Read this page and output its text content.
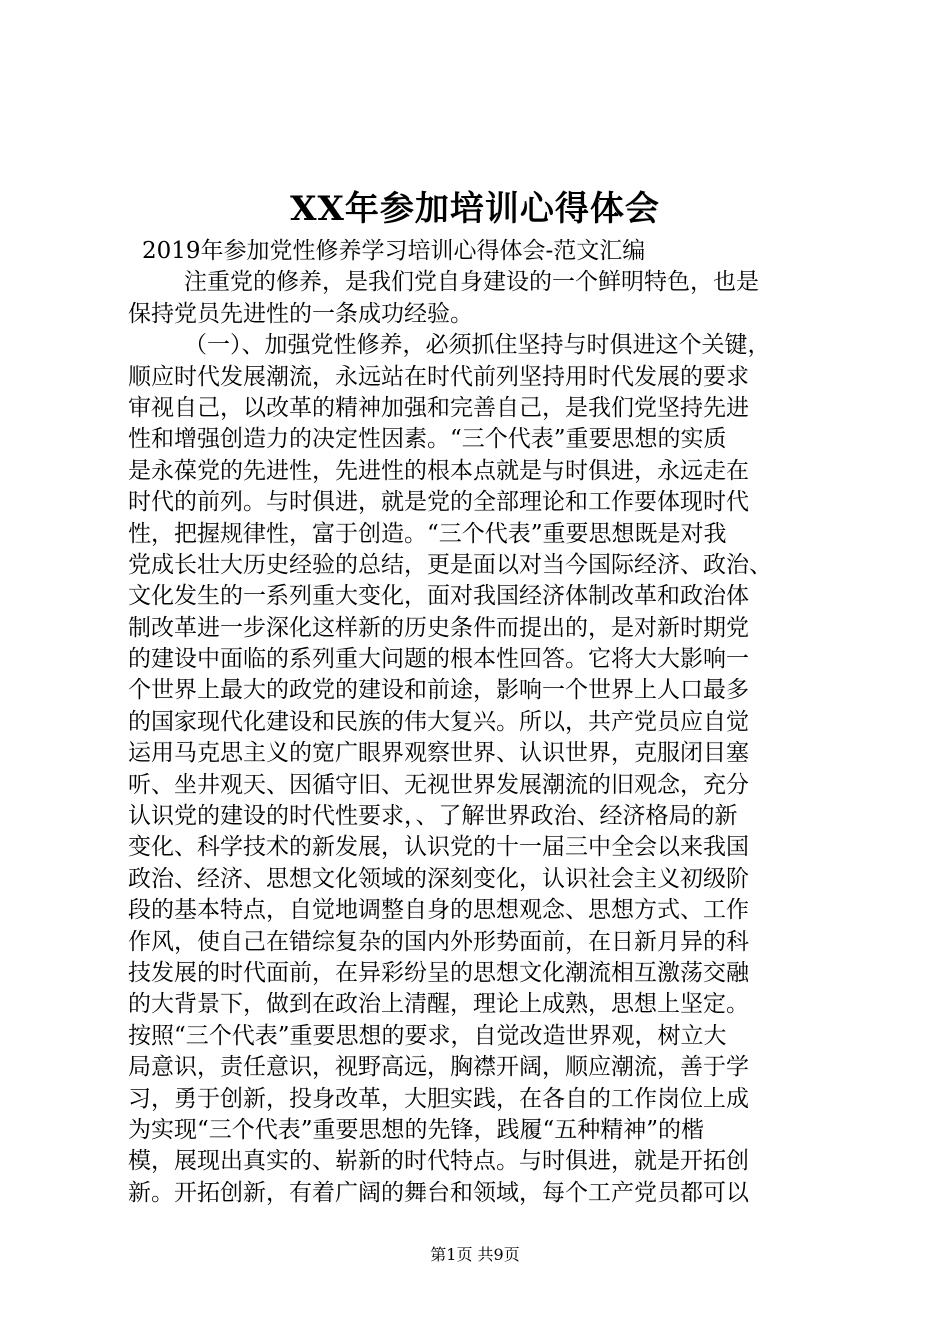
XX年参加培训心得体会
2019年参加党性修养学习培训心得体会-范文汇编
注重党的修养，是我们党自身建设的一个鲜明特色，也是
保持党员先进性的一条成功经验。
（一）、加强党性修养，必须抓住坚持与时俱进这个关键，
顺应时代发展潮流，永远站在时代前列坚持用时代发展的要求
审视自己，以改革的精神加强和完善自己，是我们党坚持先进
性和增强创造力的决定性因素。“三个代表”重要思想的实质
是永葆党的先进性，先进性的根本点就是与时俱进，永远走在
时代的前列。与时俱进，就是党的全部理论和工作要体现时代
性，把握规律性，富于创造。“三个代表”重要思想既是对我
党成长壮大历史经验的总结，更是面以对当今国际经济、政治、
文化发生的一系列重大变化，面对我国经济体制改革和政治体
制改革进一步深化这样新的历史条件而提出的，是对新时期党
的建设中面临的系列重大问题的根本性回答。它将大大影响一
个世界上最大的政党的建设和前途，影响一个世界上人口最多
的国家现代化建设和民族的伟大复兴。所以，共产党员应自觉
运用马克思主义的宽广眼界观察世界、认识世界，克服闭目塞
听、坐井观天、因循守旧、无视世界发展潮流的旧观念，充分
认识党的建设的时代性要求，、了解世界政治、经济格局的新
变化、科学技术的新发展，认识党的十一届三中全会以来我国
政治、经济、思想文化领域的深刻变化，认识社会主义初级阶
段的基本特点，自觉地调整自身的思想观念、思想方式、工作
作风，使自己在错综复杂的国内外形势面前，在日新月异的科
技发展的时代面前，在异彩纷呈的思想文化潮流相互激荡交融
的大背景下，做到在政治上清醒，理论上成熟，思想上坚定。
按照“三个代表”重要思想的要求，自觉改造世界观，树立大
局意识，责任意识，视野高远，胸襟开阔，顺应潮流，善于学
习，勇于创新，投身改革，大胆实践，在各自的工作岗位上成
为实现“三个代表”重要思想的先锋，践履“五种精神”的楷
模，展现出真实的、崭新的时代特点。与时俱进，就是开拓创
新。开拓创新，有着广阔的舞台和领域，每个工产党员都可以
第1页 共9页
